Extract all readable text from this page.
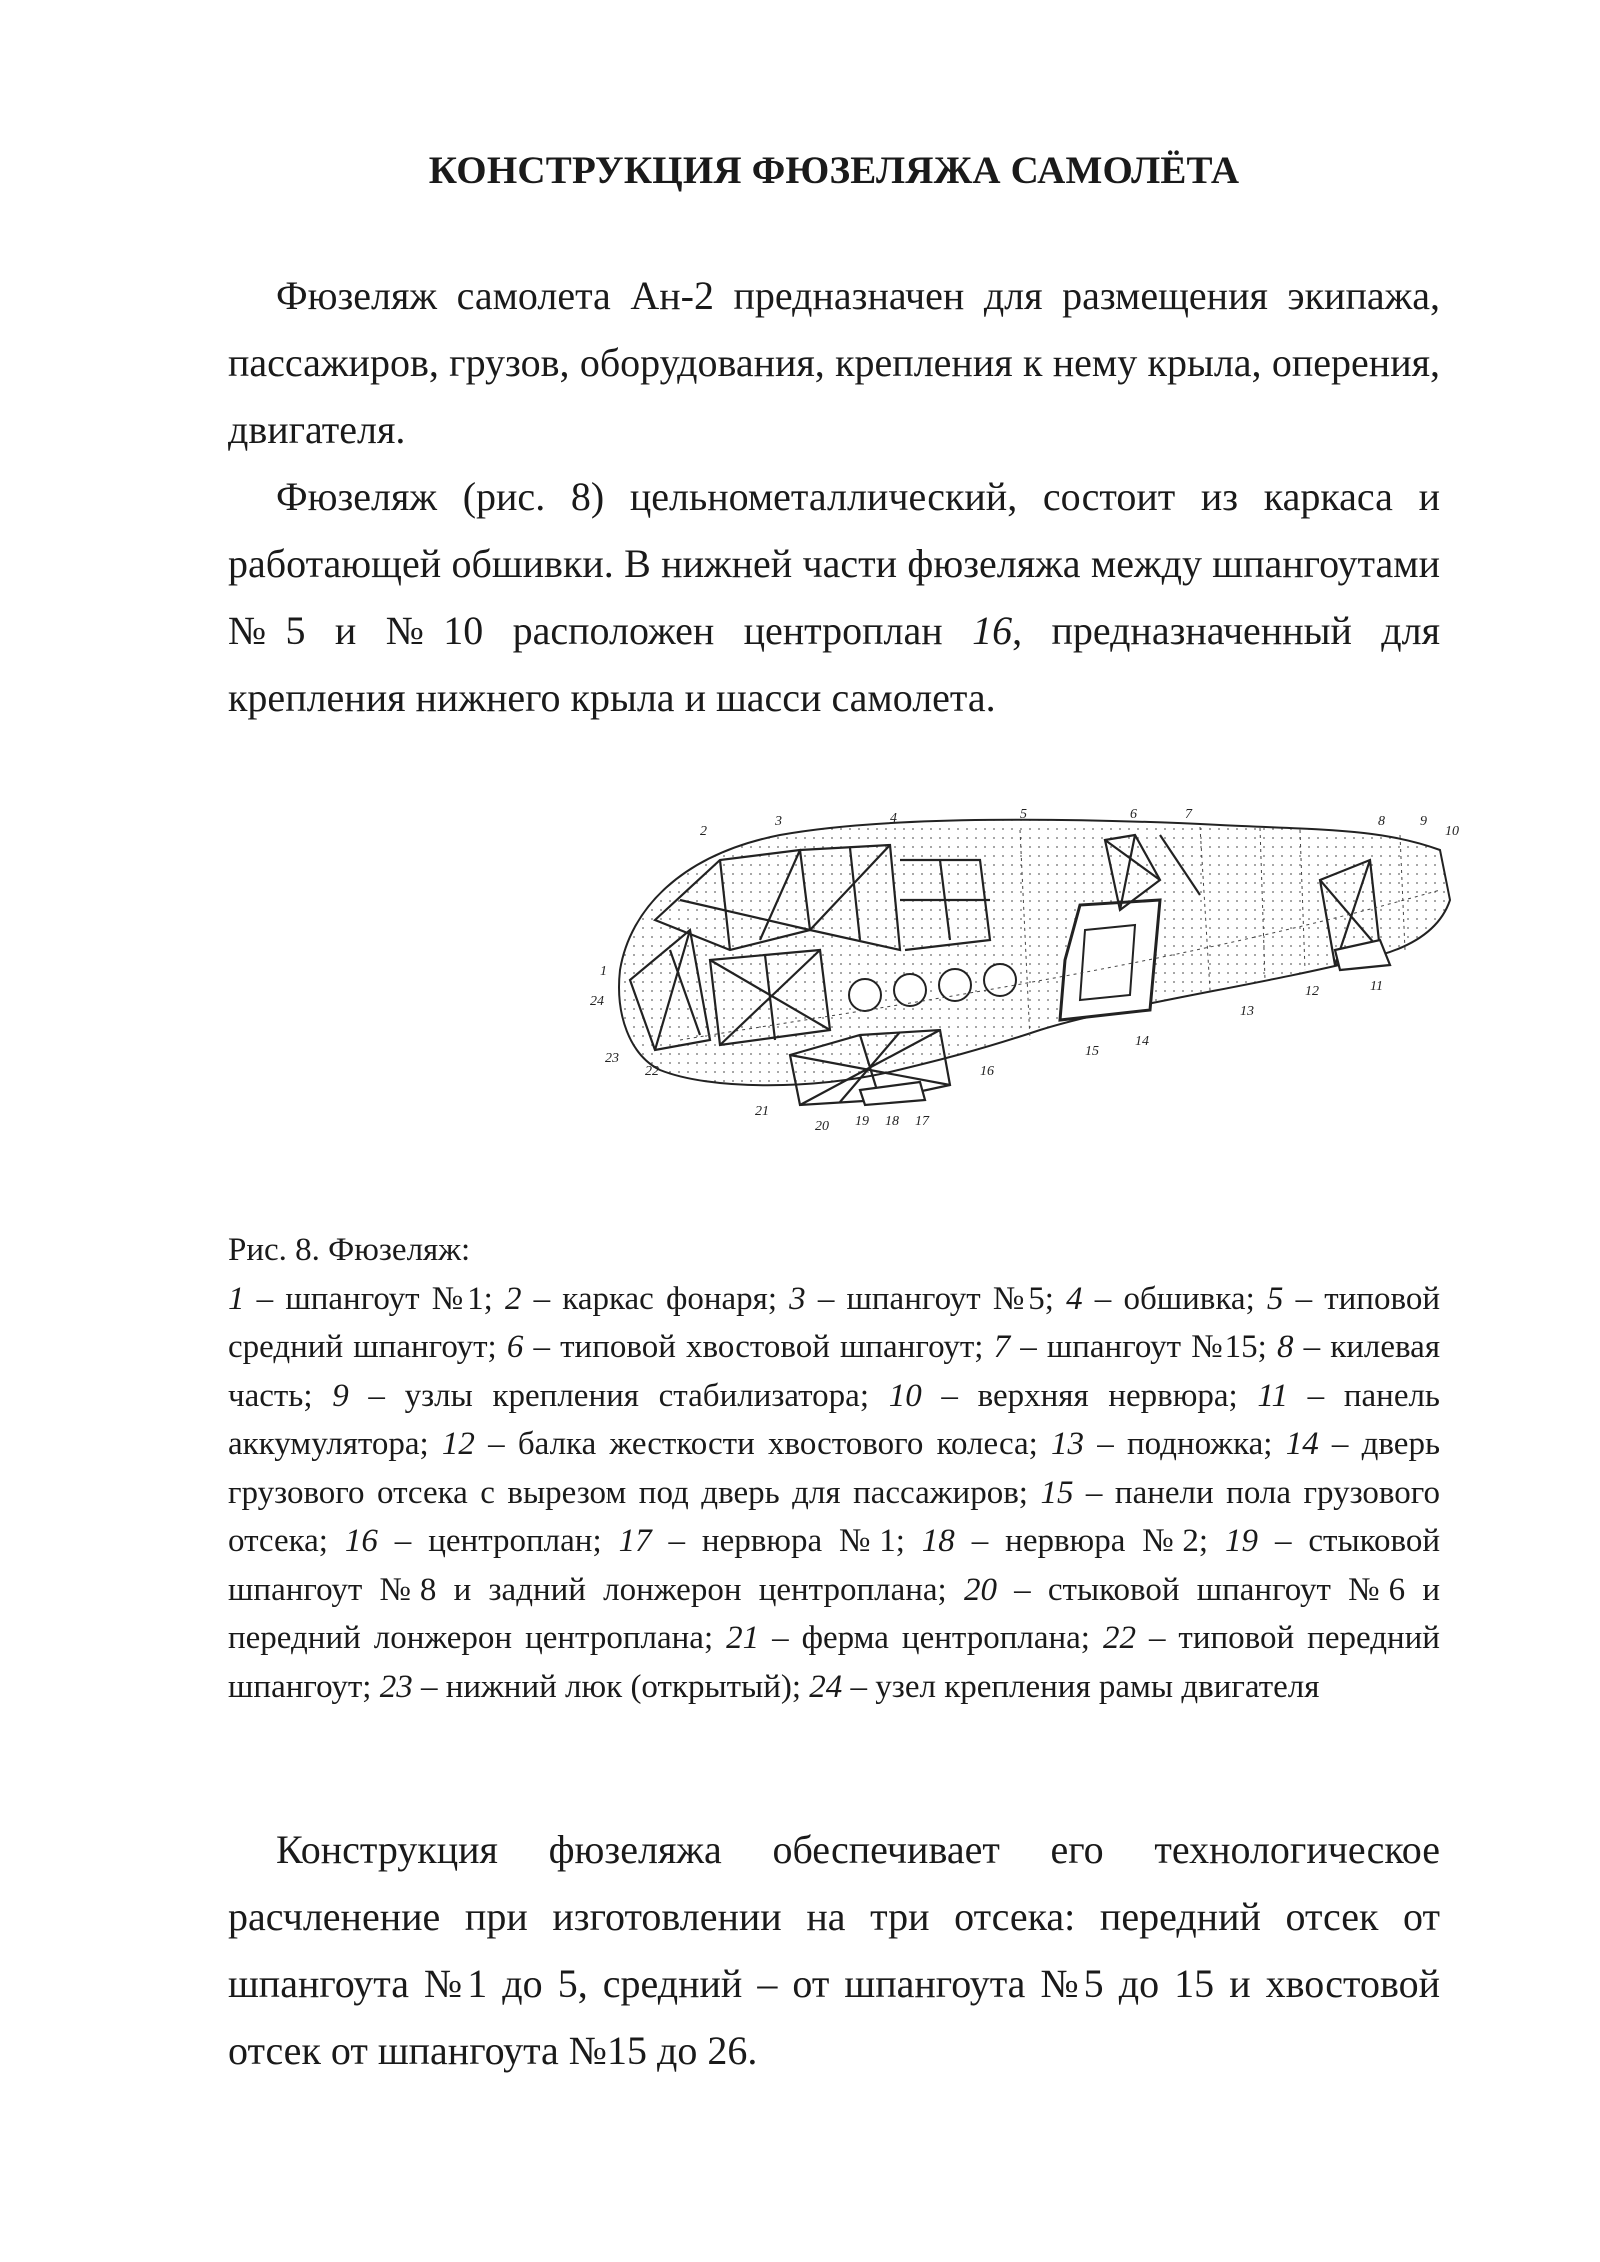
КОНСТРУКЦИЯ ФЮЗЕЛЯЖА САМОЛЁТА

Фюзеляж самолета Ан-2 предназначен для размещения экипажа, пассажиров, грузов, оборудования, крепления к нему крыла, оперения, двигателя.

Фюзеляж (рис. 8) цельнометаллический, состоит из каркаса и работающей обшивки. В нижней части фюзеляжа между шпангоутами №5 и №10 расположен центроплан 16, предназначенный для крепления нижнего крыла и шасси самолета.

1
2
3	4	5	6	7	8	9
10
11
12
13
14
15
16
17
18
19
20
21
22
23
24
Рис. 8. Фюзеляж:
1 – шпангоут №1; 2 – каркас фонаря; 3 – шпангоут №5; 4 – обшивка; 5 – типовой средний шпангоут; 6 – типовой хвостовой шпангоут; 7 – шпангоут №15; 8 – килевая часть; 9 – узлы крепления стабилизатора; 10 – верхняя нервюра; 11 – панель аккумулятора; 12 – балка жесткости хвостового колеса; 13 – подножка; 14 – дверь грузового отсека с вырезом под дверь для пассажиров; 15 – панели пола грузового отсека; 16 – центроплан; 17 – нервюра №1; 18 – нервюра №2; 19 – стыковой шпангоут №8 и задний лонжерон центроплана; 20 – стыковой шпангоут №6 и передний лонжерон центроплана; 21 – ферма центроплана; 22 – типовой передний шпангоут; 23 – нижний люк (открытый); 24 – узел крепления рамы двигателя

Конструкция фюзеляжа обеспечивает его технологическое расчленение при изготовлении на три отсека: передний отсек от шпангоута №1 до 5, средний – от шпангоута №5 до 15 и хвостовой отсек от шпангоута №15 до 26.
